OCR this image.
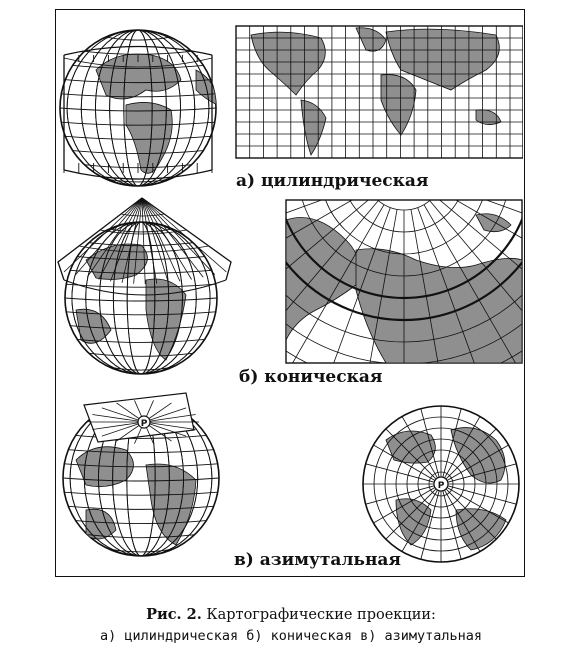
а) цилиндрическая
б) коническая
P
P
в) азимутальная
Рис. 2. Картографические проекции:
а) цилиндрическая б) коническая в) азимутальная
